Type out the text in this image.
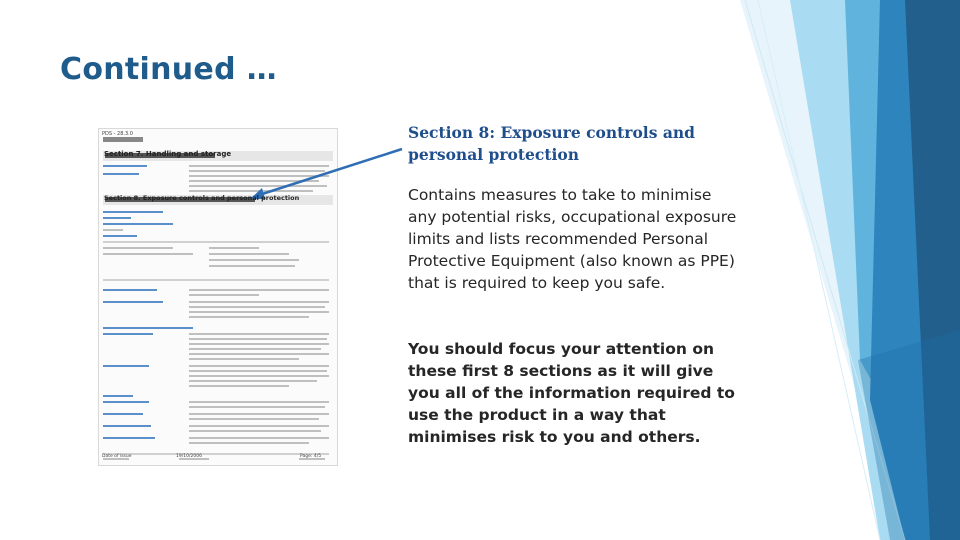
Continued …

Section 8: Exposure controls and personal protection

Contains measures to take to minimise any potential risks, occupational exposure limits and lists recommended Personal Protective Equipment (also known as PPE) that is required to keep you safe.

You should focus your attention on these first 8 sections as it will give you all of the information required to use the product in a way that minimises risk to you and others.

PDS - 28.3.0
Section 7. Handling and storage
Section 8. Exposure controls and personal protection
Date of issue	19/10/2006	Page: 4/5
